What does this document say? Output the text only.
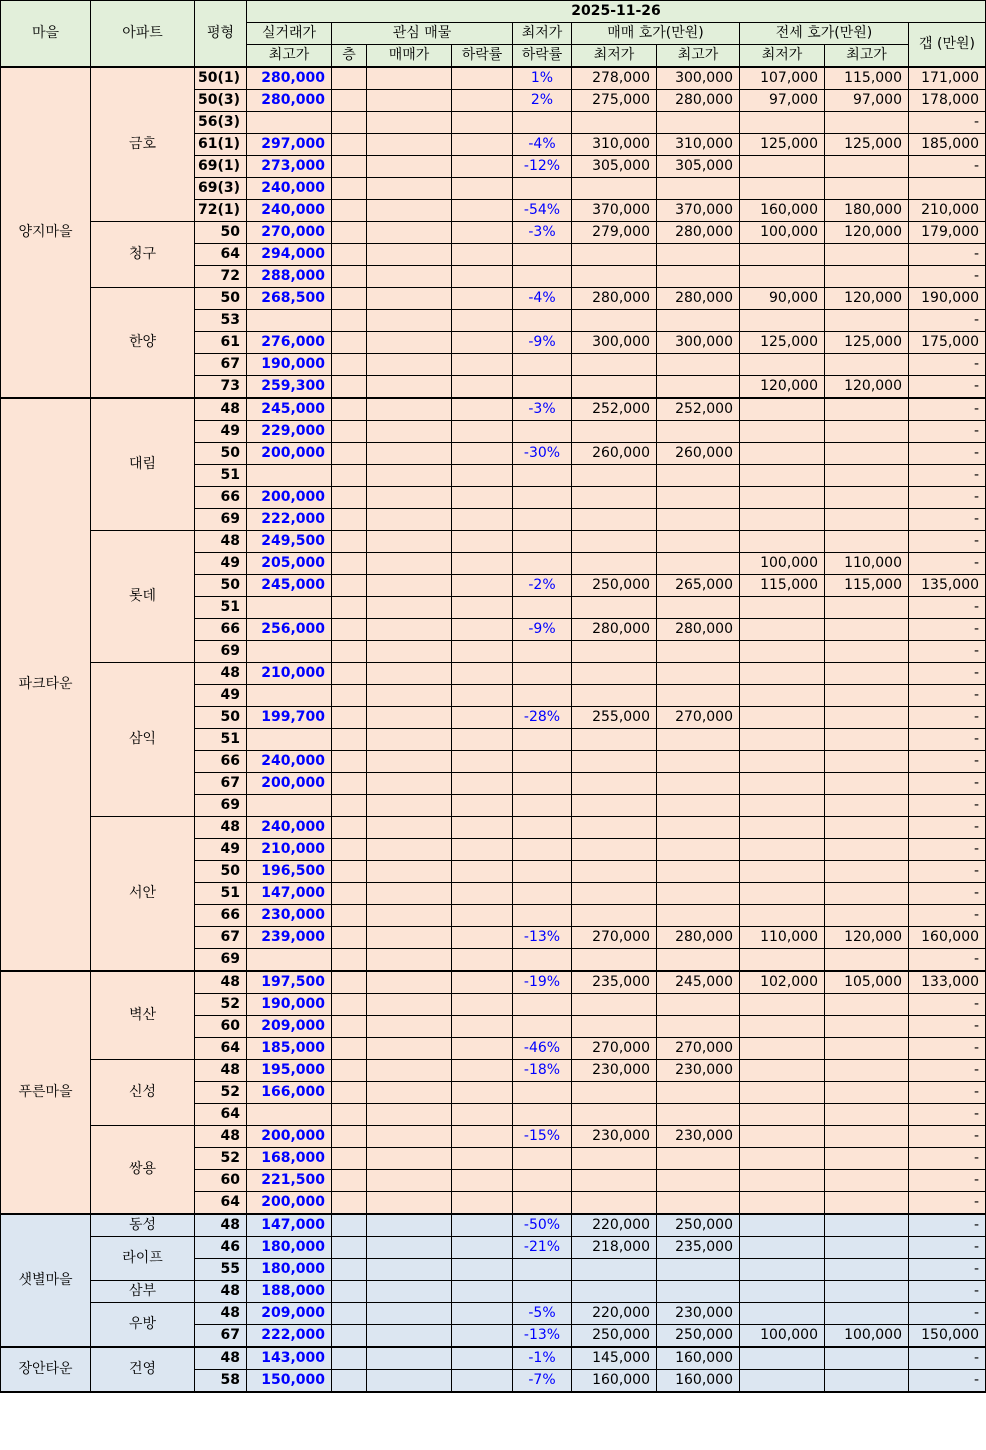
마을	아파트	평형	2025-11-26									
			실거래가	관심 매물			최저가	매매 호가(만원)		전세 호가(만원)		갭 (만원)
			최고가	층	매매가	하락률	하락률	최저가	최고가	최저가	최고가	
양지마을	금호	50(1)	280,000				1%	278,000	300,000	107,000	115,000	171,000
		50(3)	280,000				2%	275,000	280,000	97,000	97,000	178,000
		56(3)										-
		61(1)	297,000				-4%	310,000	310,000	125,000	125,000	185,000
		69(1)	273,000				-12%	305,000	305,000			-
		69(3)	240,000									
		72(1)	240,000				-54%	370,000	370,000	160,000	180,000	210,000
	청구	50	270,000				-3%	279,000	280,000	100,000	120,000	179,000
		64	294,000									-
		72	288,000									-
	한양	50	268,500				-4%	280,000	280,000	90,000	120,000	190,000
		53										-
		61	276,000				-9%	300,000	300,000	125,000	125,000	175,000
		67	190,000									-
		73	259,300							120,000	120,000	-
파크타운	대림	48	245,000				-3%	252,000	252,000			-
		49	229,000									-
		50	200,000				-30%	260,000	260,000			-
		51										-
		66	200,000									-
		69	222,000									-
	롯데	48	249,500									-
		49	205,000							100,000	110,000	-
		50	245,000				-2%	250,000	265,000	115,000	115,000	135,000
		51										-
		66	256,000				-9%	280,000	280,000			-
		69										-
	삼익	48	210,000									-
		49										-
		50	199,700				-28%	255,000	270,000			-
		51										-
		66	240,000									-
		67	200,000									-
		69										-
	서안	48	240,000									-
		49	210,000									-
		50	196,500									-
		51	147,000									-
		66	230,000									-
		67	239,000				-13%	270,000	280,000	110,000	120,000	160,000
		69										-
푸른마을	벽산	48	197,500				-19%	235,000	245,000	102,000	105,000	133,000
		52	190,000									-
		60	209,000									-
		64	185,000				-46%	270,000	270,000			-
	신성	48	195,000				-18%	230,000	230,000			-
		52	166,000									-
		64										-
	쌍용	48	200,000				-15%	230,000	230,000			-
		52	168,000									-
		60	221,500									-
		64	200,000									-
샛별마을	동성	48	147,000				-50%	220,000	250,000			-
	라이프	46	180,000				-21%	218,000	235,000			-
		55	180,000									-
	삼부	48	188,000									-
	우방	48	209,000				-5%	220,000	230,000			-
		67	222,000				-13%	250,000	250,000	100,000	100,000	150,000
장안타운	건영	48	143,000				-1%	145,000	160,000			-
		58	150,000				-7%	160,000	160,000			-
